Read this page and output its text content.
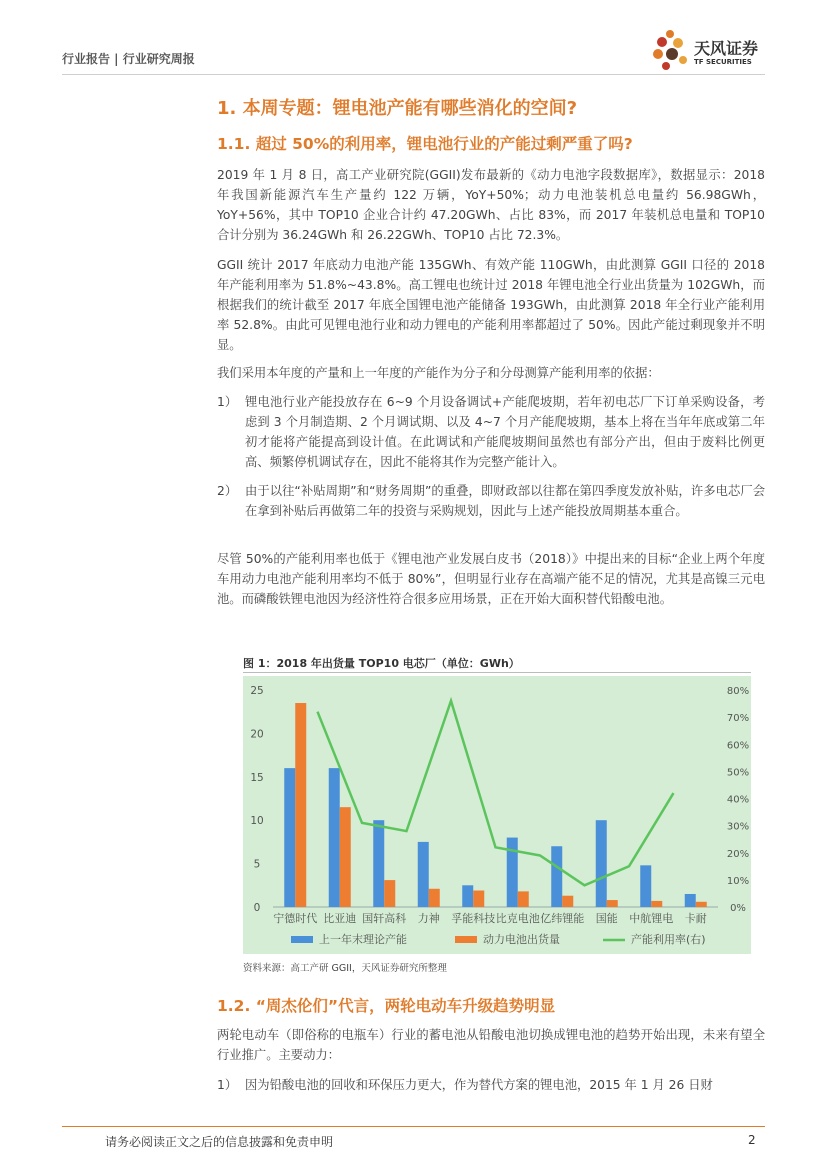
行业报告 | 行业研究周报
天风证券
TF SECURITIES
1. 本周专题：锂电池产能有哪些消化的空间?
1.1. 超过 50%的利用率，锂电池行业的产能过剩严重了吗?
2019 年 1 月 8 日，高工产业研究院(GGII)发布最新的《动力电池字段数据库》，数据显示：2018 年我国新能源汽车生产量约 122 万辆，YoY+50%；动力电池装机总电量约 56.98GWh，YoY+56%，其中 TOP10 企业合计约 47.20GWh、占比 83%，而 2017 年装机总电量和 TOP10 合计分别为 36.24GWh 和 26.22GWh、TOP10 占比 72.3%。
GGII 统计 2017 年底动力电池产能 135GWh、有效产能 110GWh，由此测算 GGII 口径的 2018 年产能利用率为 51.8%~43.8%。高工锂电也统计过 2018 年锂电池全行业出货量为 102GWh，而根据我们的统计截至 2017 年底全国锂电池产能储备 193GWh，由此测算 2018 年全行业产能利用率 52.8%。由此可见锂电池行业和动力锂电的产能利用率都超过了 50%。因此产能过剩现象并不明显。
我们采用本年度的产量和上一年度的产能作为分子和分母测算产能利用率的依据：
1） 锂电池行业产能投放存在 6~9 个月设备调试+产能爬坡期，若年初电芯厂下订单采购设备，考虑到 3 个月制造期、2 个月调试期、以及 4~7 个月产能爬坡期，基本上将在当年年底或第二年初才能将产能提高到设计值。在此调试和产能爬坡期间虽然也有部分产出，但由于废料比例更高、频繁停机调试存在，因此不能将其作为完整产能计入。
2） 由于以往“补贴周期”和“财务周期”的重叠，即财政部以往都在第四季度发放补贴，许多电芯厂会在拿到补贴后再做第二年的投资与采购规划，因此与上述产能投放周期基本重合。
尽管 50%的产能利用率也低于《锂电池产业发展白皮书（2018）》中提出来的目标“企业上两个年度车用动力电池产能利用率均不低于 80%”，但明显行业存在高端产能不足的情况，尤其是高镍三元电池。而磷酸铁锂电池因为经济性符合很多应用场景，正在开始大面积替代铅酸电池。
图 1：2018 年出货量 TOP10 电芯厂（单位：GWh）
0
5
10
15
20
25
0%
10%
20%
30%
40%
50%
60%
70%
80%
宁德时代 比亚迪 国轩高科 力神 孚能科技 比克电池 亿纬锂能 国能 中航锂电 卡耐
上一年末理论产能	动力电池出货量	产能利用率(右)
资料来源：高工产研 GGII，天风证券研究所整理
1.2. “周杰伦们”代言，两轮电动车升级趋势明显
两轮电动车（即俗称的电瓶车）行业的蓄电池从铅酸电池切换成锂电池的趋势开始出现，未来有望全行业推广。主要动力：
1） 因为铅酸电池的回收和环保压力更大，作为替代方案的锂电池，2015 年 1 月 26 日财
请务必阅读正文之后的信息披露和免责申明	2
